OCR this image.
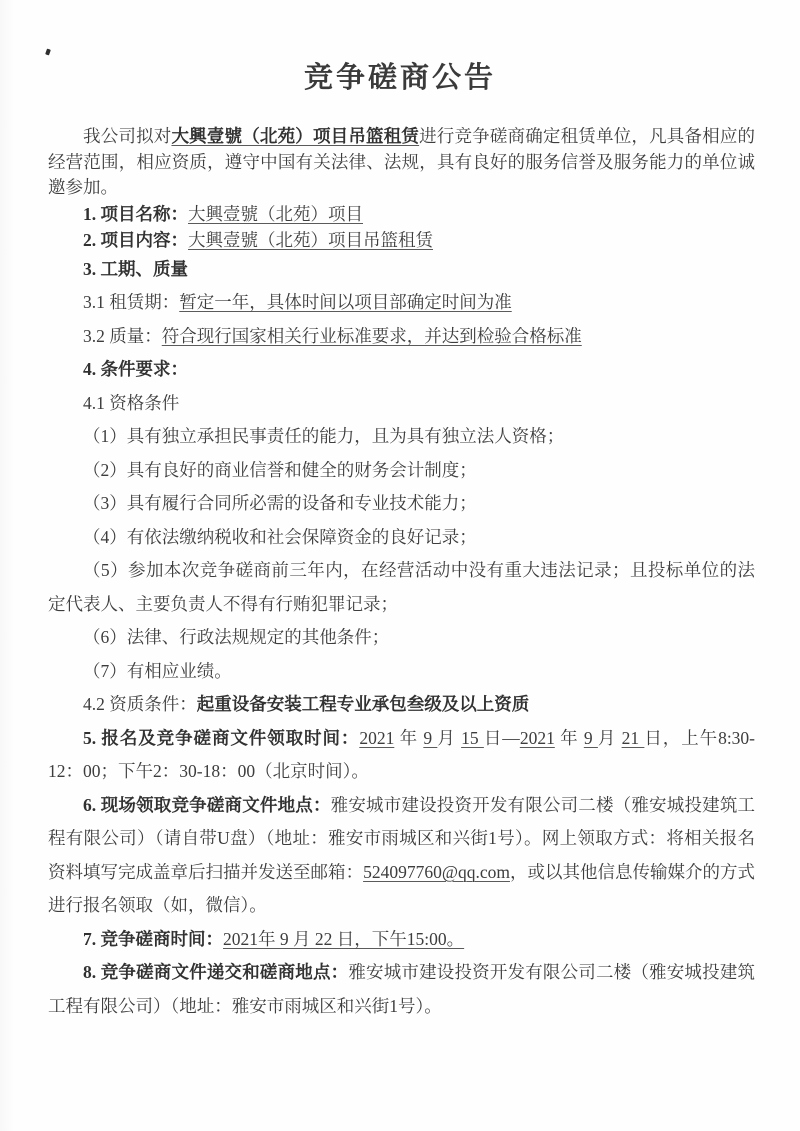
竞争磋商公告
我公司拟对大興壹號（北苑）项目吊篮租赁进行竞争磋商确定租赁单位，凡具备相应的经营范围，相应资质，遵守中国有关法律、法规，具有良好的服务信誉及服务能力的单位诚邀参加。
1. 项目名称：大興壹號（北苑）项目
2. 项目内容：大興壹號（北苑）项目吊篮租赁
3. 工期、质量
3.1 租赁期：暂定一年，具体时间以项目部确定时间为准
3.2 质量：符合现行国家相关行业标准要求，并达到检验合格标准
4. 条件要求：
4.1 资格条件
（1）具有独立承担民事责任的能力，且为具有独立法人资格；
（2）具有良好的商业信誉和健全的财务会计制度；
（3）具有履行合同所必需的设备和专业技术能力；
（4）有依法缴纳税收和社会保障资金的良好记录；
（5）参加本次竞争磋商前三年内，在经营活动中没有重大违法记录；且投标单位的法定代表人、主要负责人不得有行贿犯罪记录；
（6）法律、行政法规规定的其他条件；
（7）有相应业绩。
4.2 资质条件：起重设备安装工程专业承包叁级及以上资质
5. 报名及竞争磋商文件领取时间：2021 年 9 月 15 日—2021 年 9 月 21 日，上午8:30-12：00；下午2：30-18：00（北京时间）。
6. 现场领取竞争磋商文件地点：雅安城市建设投资开发有限公司二楼（雅安城投建筑工程有限公司）（请自带U盘）（地址：雅安市雨城区和兴街1号）。网上领取方式：将相关报名资料填写完成盖章后扫描并发送至邮箱：524097760@qq.com，或以其他信息传输媒介的方式进行报名领取（如，微信）。
7. 竞争磋商时间：2021年 9 月 22 日，下午15:00。
8. 竞争磋商文件递交和磋商地点：雅安城市建设投资开发有限公司二楼（雅安城投建筑工程有限公司）（地址：雅安市雨城区和兴街1号）。
